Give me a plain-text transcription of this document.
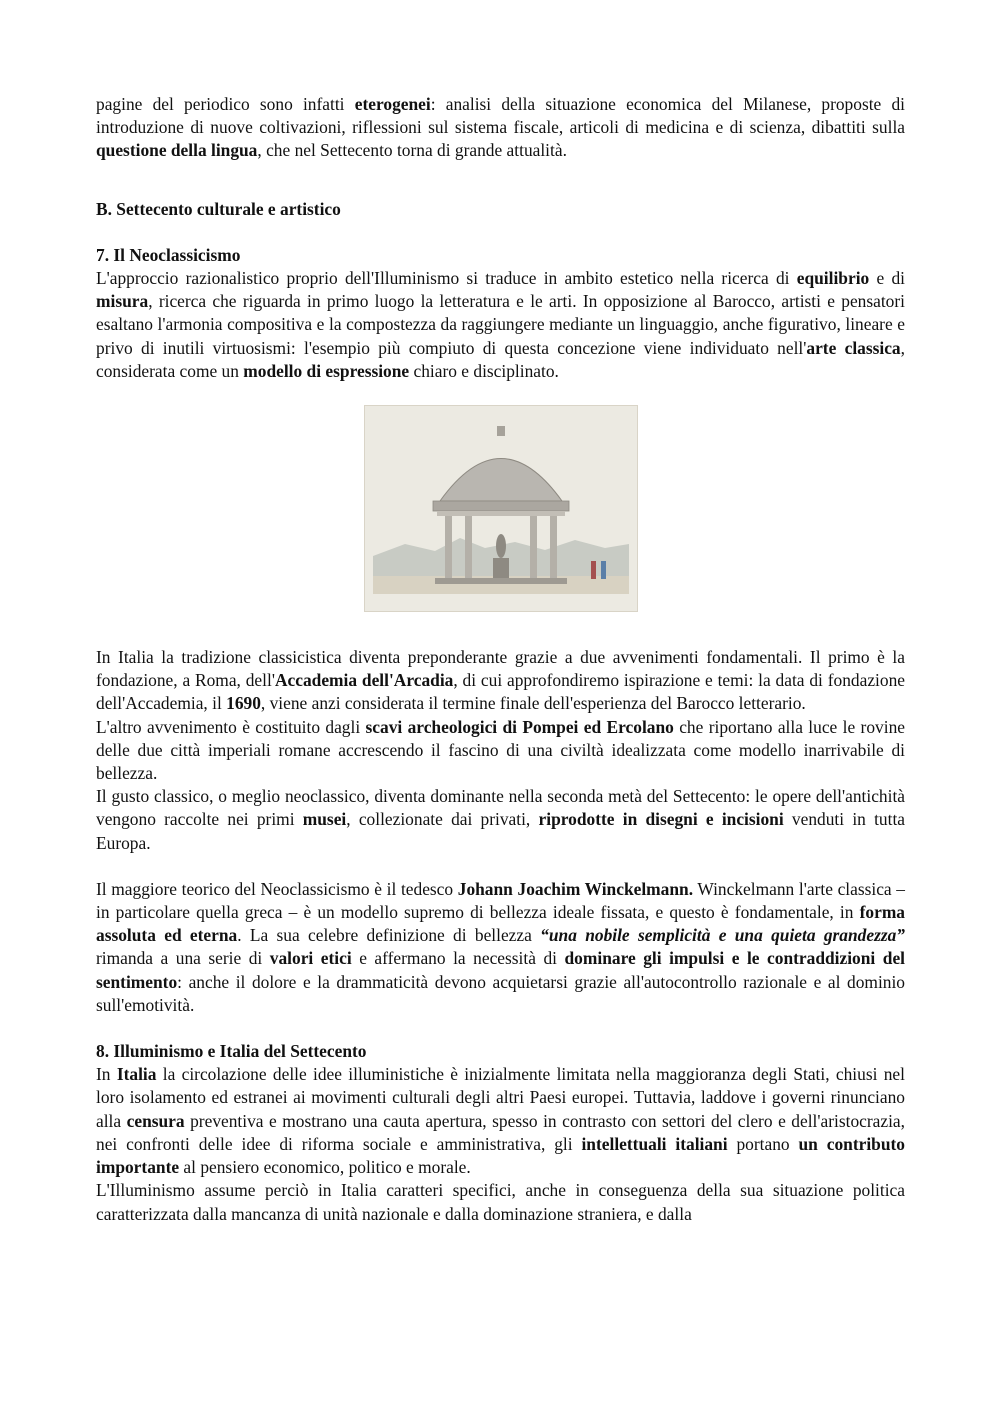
pagine del periodico sono infatti eterogenei: analisi della situazione economica del Milanese, proposte di introduzione di nuove coltivazioni, riflessioni sul sistema fiscale, articoli di medicina e di scienza, dibattiti sulla questione della lingua, che nel Settecento torna di grande attualità.

B. Settecento culturale e artistico
7. Il Neoclassicismo

L'approccio razionalistico proprio dell'Illuminismo si traduce in ambito estetico nella ricerca di equilibrio e di misura, ricerca che riguarda in primo luogo la letteratura e le arti. In opposizione al Barocco, artisti e pensatori esaltano l'armonia compositiva e la compostezza da raggiungere mediante un linguaggio, anche figurativo, lineare e privo di inutili virtuosismi: l'esempio più compiuto di questa concezione viene individuato nell'arte classica, considerata come un modello di espressione chiaro e disciplinato.

In Italia la tradizione classicistica diventa preponderante grazie a due avvenimenti fondamentali. Il primo è la fondazione, a Roma, dell'Accademia dell'Arcadia, di cui approfondiremo ispirazione e temi: la data di fondazione dell'Accademia, il 1690, viene anzi considerata il termine finale dell'esperienza del Barocco letterario.

L'altro avvenimento è costituito dagli scavi archeologici di Pompei ed Ercolano che riportano alla luce le rovine delle due città imperiali romane accrescendo il fascino di una civiltà idealizzata come modello inarrivabile di bellezza.

Il gusto classico, o meglio neoclassico, diventa dominante nella seconda metà del Settecento: le opere dell'antichità vengono raccolte nei primi musei, collezionate dai privati, riprodotte in disegni e incisioni venduti in tutta Europa.

Il maggiore teorico del Neoclassicismo è il tedesco Johann Joachim Winckelmann. Winckelmann l'arte classica – in particolare quella greca – è un modello supremo di bellezza ideale fissata, e questo è fondamentale, in forma assoluta ed eterna. La sua celebre definizione di bellezza “una nobile semplicità e una quieta grandezza” rimanda a una serie di valori etici e affermano la necessità di dominare gli impulsi e le contraddizioni del sentimento: anche il dolore e la drammaticità devono acquietarsi grazie all'autocontrollo razionale e al dominio sull'emotività.

8. Illuminismo e Italia del Settecento

In Italia la circolazione delle idee illuministiche è inizialmente limitata nella maggioranza degli Stati, chiusi nel loro isolamento ed estranei ai movimenti culturali degli altri Paesi europei. Tuttavia, laddove i governi rinunciano alla censura preventiva e mostrano una cauta apertura, spesso in contrasto con settori del clero e dell'aristocrazia, nei confronti delle idee di riforma sociale e amministrativa, gli intellettuali italiani portano un contributo importante al pensiero economico, politico e morale.

L'Illuminismo assume perciò in Italia caratteri specifici, anche in conseguenza della sua situazione politica caratterizzata dalla mancanza di unità nazionale e dalla dominazione straniera, e dalla
